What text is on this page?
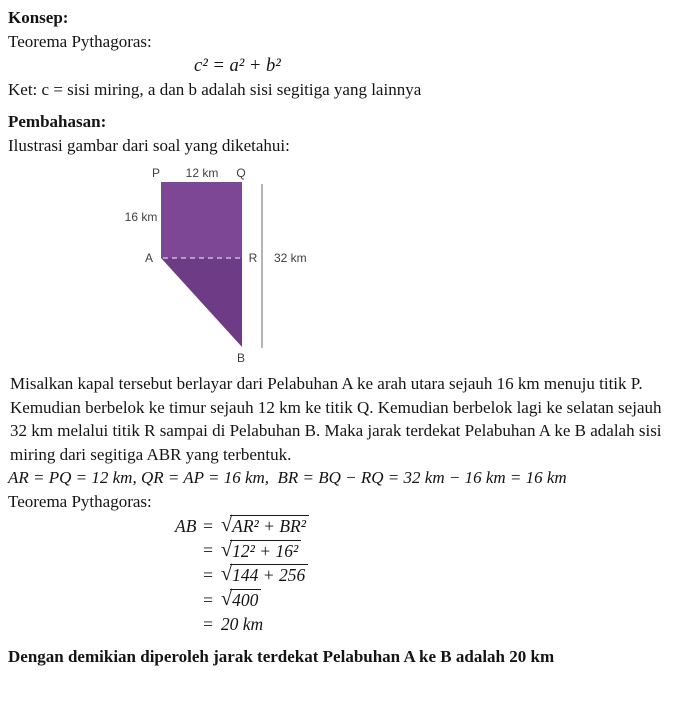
Konsep:

Teorema Pythagoras:

c² = a² + b²

Ket: c = sisi miring, a dan b adalah sisi segitiga yang lainnya

Pembahasan:

Ilustrasi gambar dari soal yang diketahui:

P 12 km Q
16 km
A	R 32 km
B

Misalkan kapal tersebut berlayar dari Pelabuhan A ke arah utara sejauh 16 km menuju titik P. Kemudian berbelok ke timur sejauh 12 km ke titik Q. Kemudian berbelok lagi ke selatan sejauh 32 km melalui titik R sampai di Pelabuhan B. Maka jarak terdekat Pelabuhan A ke B adalah sisi miring dari segitiga ABR yang terbentuk.

AR = PQ = 12 km, QR = AP = 16 km,  BR = BQ − RQ = 32 km − 16 km = 16 km

Teorema Pythagoras:

AB = √ AR² + BR²
= √ 12² + 16²
= √ 144 + 256
= √ 400
= 20 km

Dengan demikian diperoleh jarak terdekat Pelabuhan A ke B adalah 20 km
